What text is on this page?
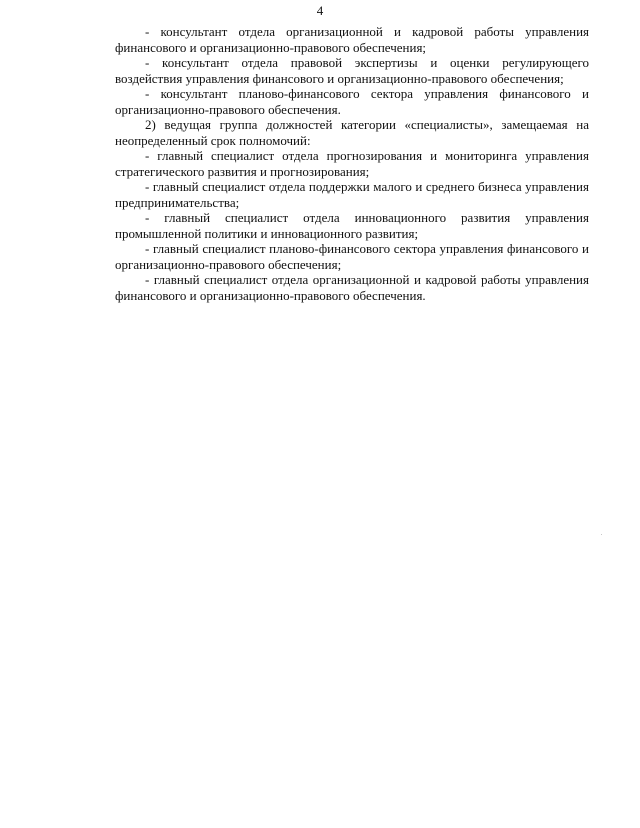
4

- консультант отдела организационной и кадровой работы управления финансового и организационно-правового обеспечения;

- консультант отдела правовой экспертизы и оценки регулирующего воздействия управления финансового и организационно-правового обеспечения;

- консультант планово-финансового сектора управления финансового и организационно-правового обеспечения.

2) ведущая группа должностей категории «специалисты», замещаемая на неопределенный срок полномочий:

- главный специалист отдела прогнозирования и мониторинга управления стратегического развития и прогнозирования;

- главный специалист отдела поддержки малого и среднего бизнеса управления предпринимательства;

- главный специалист отдела инновационного развития управления промышленной политики и инновационного развития;

- главный специалист планово-финансового сектора управления финансового и организационно-правового обеспечения;

- главный специалист отдела организационной и кадровой работы управления финансового и организационно-правового обеспечения.
